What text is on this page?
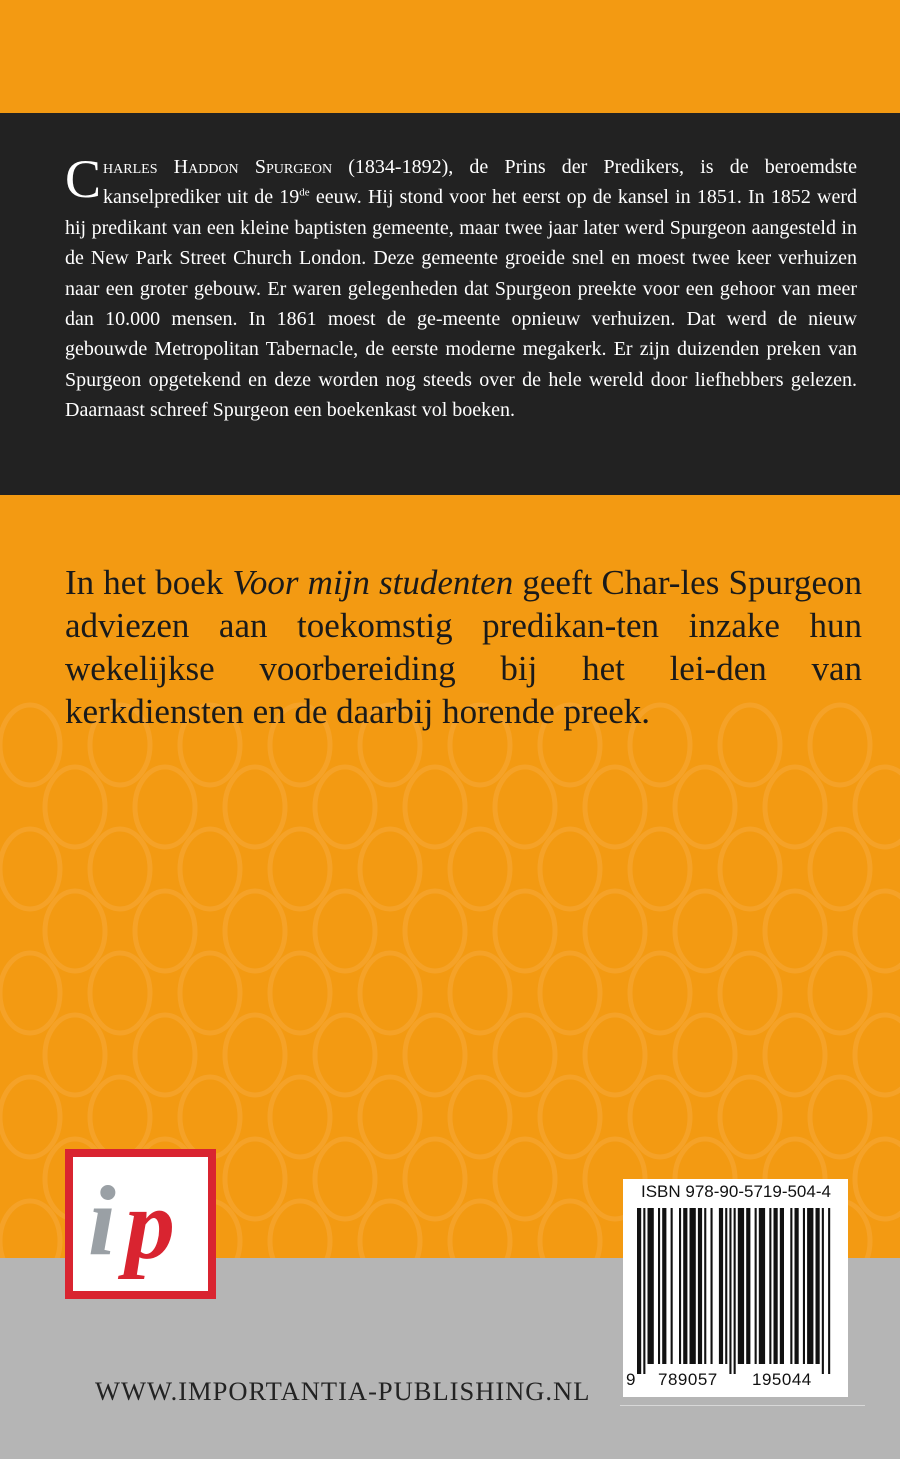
Charles Haddon Spurgeon (1834-1892), de Prins der Predikers, is de beroemdste kanselprediker uit de 19de eeuw. Hij stond voor het eerst op de kansel in 1851. In 1852 werd hij predikant van een kleine baptisten gemeente, maar twee jaar later werd Spurgeon aangesteld in de New Park Street Church London. Deze gemeente groeide snel en moest twee keer verhuizen naar een groter gebouw. Er waren gelegenheden dat Spurgeon preekte voor een gehoor van meer dan 10.000 mensen. In 1861 moest de ge-meente opnieuw verhuizen. Dat werd de nieuw gebouwde Metropolitan Tabernacle, de eerste moderne megakerk. Er zijn duizenden preken van Spurgeon opgetekend en deze worden nog steeds over de hele wereld door liefhebbers gelezen. Daarnaast schreef Spurgeon een boekenkast vol boeken.

In het boek Voor mijn studenten geeft Char-les Spurgeon adviezen aan toekomstig predikan-ten inzake hun wekelijkse voorbereiding bij het lei-den van kerkdiensten en de daarbij horende preek.

i p	ISBN 978-90-5719-504-4
9 789057 195044
WWW.IMPORTANTIA-PUBLISHING.NL
